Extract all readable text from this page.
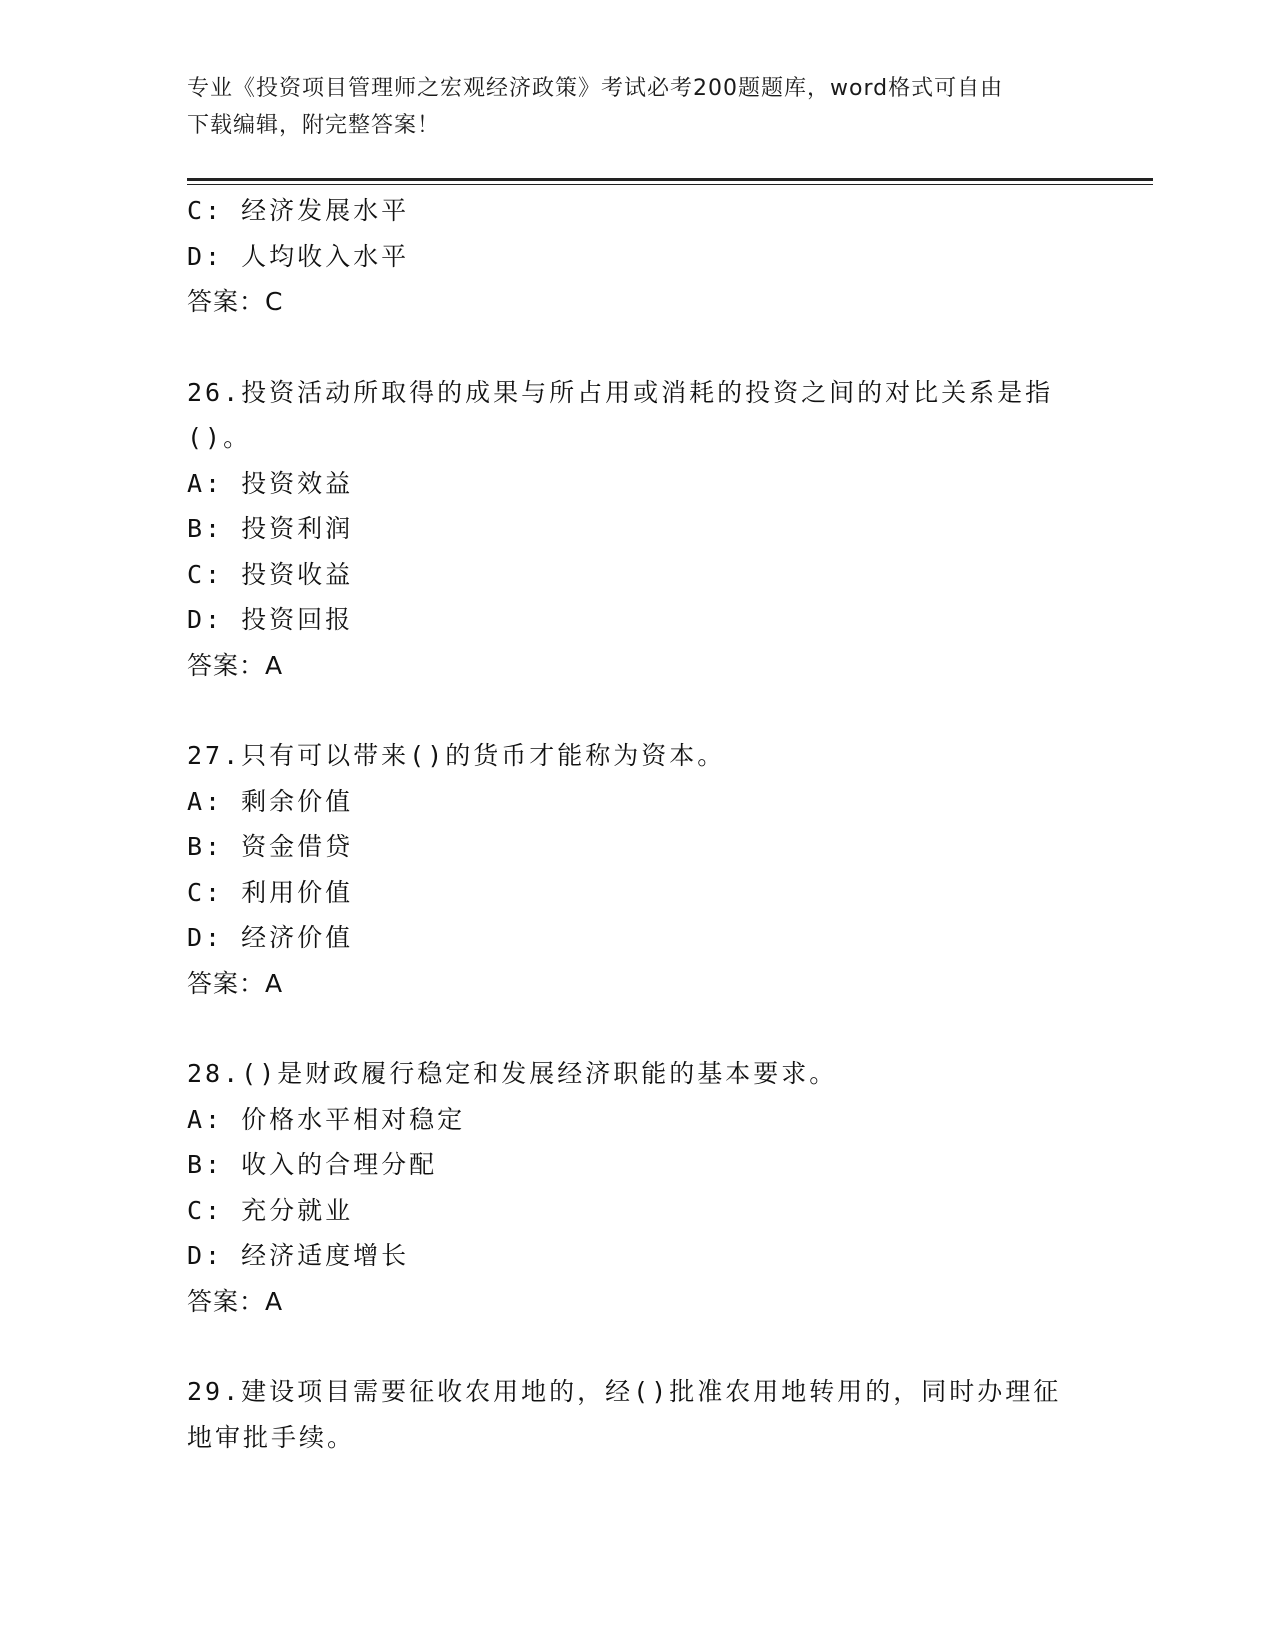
专业《投资项目管理师之宏观经济政策》考试必考200题题库，word格式可自由
下载编辑，附完整答案！
C: 经济发展水平
D: 人均收入水平
答案：C
26.投资活动所取得的成果与所占用或消耗的投资之间的对比关系是指
()。
A: 投资效益
B: 投资利润
C: 投资收益
D: 投资回报
答案：A
27.只有可以带来()的货币才能称为资本。
A: 剩余价值
B: 资金借贷
C: 利用价值
D: 经济价值
答案：A
28.()是财政履行稳定和发展经济职能的基本要求。
A: 价格水平相对稳定
B: 收入的合理分配
C: 充分就业
D: 经济适度增长
答案：A
29.建设项目需要征收农用地的，经()批准农用地转用的，同时办理征
地审批手续。
